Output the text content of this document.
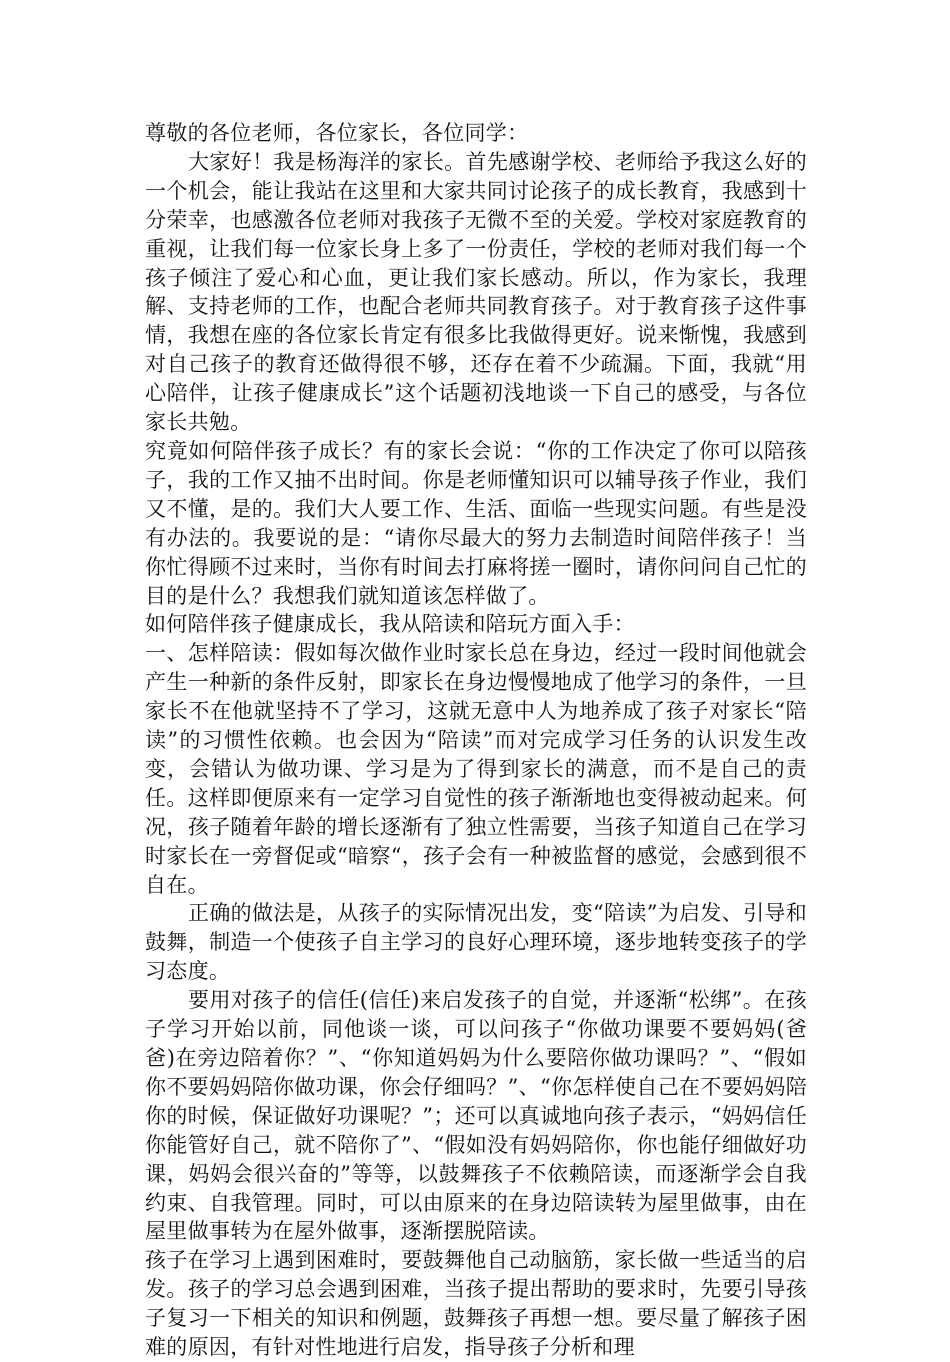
尊敬的各位老师，各位家长，各位同学：

大家好！我是杨海洋的家长。首先感谢学校、老师给予我这么好的一个机会，能让我站在这里和大家共同讨论孩子的成长教育，我感到十分荣幸，也感激各位老师对我孩子无微不至的关爱。学校对家庭教育的重视，让我们每一位家长身上多了一份责任，学校的老师对我们每一个孩子倾注了爱心和心血，更让我们家长感动。所以，作为家长，我理解、支持老师的工作，也配合老师共同教育孩子。对于教育孩子这件事情，我想在座的各位家长肯定有很多比我做得更好。说来惭愧，我感到对自己孩子的教育还做得很不够，还存在着不少疏漏。下面，我就“用心陪伴，让孩子健康成长”这个话题初浅地谈一下自己的感受，与各位家长共勉。

究竟如何陪伴孩子成长？有的家长会说：“你的工作决定了你可以陪孩子，我的工作又抽不出时间。你是老师懂知识可以辅导孩子作业，我们又不懂，是的。我们大人要工作、生活、面临一些现实问题。有些是没有办法的。我要说的是：“请你尽最大的努力去制造时间陪伴孩子！当你忙得顾不过来时，当你有时间去打麻将搓一圈时，请你问问自己忙的目的是什么？我想我们就知道该怎样做了。

如何陪伴孩子健康成长，我从陪读和陪玩方面入手：

一、怎样陪读：假如每次做作业时家长总在身边，经过一段时间他就会产生一种新的条件反射，即家长在身边慢慢地成了他学习的条件，一旦家长不在他就坚持不了学习，这就无意中人为地养成了孩子对家长“陪读”的习惯性依赖。也会因为“陪读”而对完成学习任务的认识发生改变，会错认为做功课、学习是为了得到家长的满意，而不是自己的责任。这样即便原来有一定学习自觉性的孩子渐渐地也变得被动起来。何况，孩子随着年龄的增长逐渐有了独立性需要，当孩子知道自己在学习时家长在一旁督促或“暗察“，孩子会有一种被监督的感觉，会感到很不自在。

正确的做法是，从孩子的实际情况出发，变“陪读”为启发、引导和鼓舞，制造一个使孩子自主学习的良好心理环境，逐步地转变孩子的学习态度。

要用对孩子的信任(信任)来启发孩子的自觉，并逐渐“松绑”。在孩子学习开始以前，同他谈一谈，可以问孩子“你做功课要不要妈妈(爸爸)在旁边陪着你？”、“你知道妈妈为什么要陪你做功课吗？”、“假如你不要妈妈陪你做功课，你会仔细吗？”、“你怎样使自己在不要妈妈陪你的时候，保证做好功课呢？”；还可以真诚地向孩子表示，“妈妈信任你能管好自己，就不陪你了”、“假如没有妈妈陪你，你也能仔细做好功课，妈妈会很兴奋的”等等，以鼓舞孩子不依赖陪读，而逐渐学会自我约束、自我管理。同时，可以由原来的在身边陪读转为屋里做事，由在屋里做事转为在屋外做事，逐渐摆脱陪读。

孩子在学习上遇到困难时，要鼓舞他自己动脑筋，家长做一些适当的启发。孩子的学习总会遇到困难，当孩子提出帮助的要求时，先要引导孩子复习一下相关的知识和例题，鼓舞孩子再想一想。要尽量了解孩子困难的原因，有针对性地进行启发，指导孩子分析和理
